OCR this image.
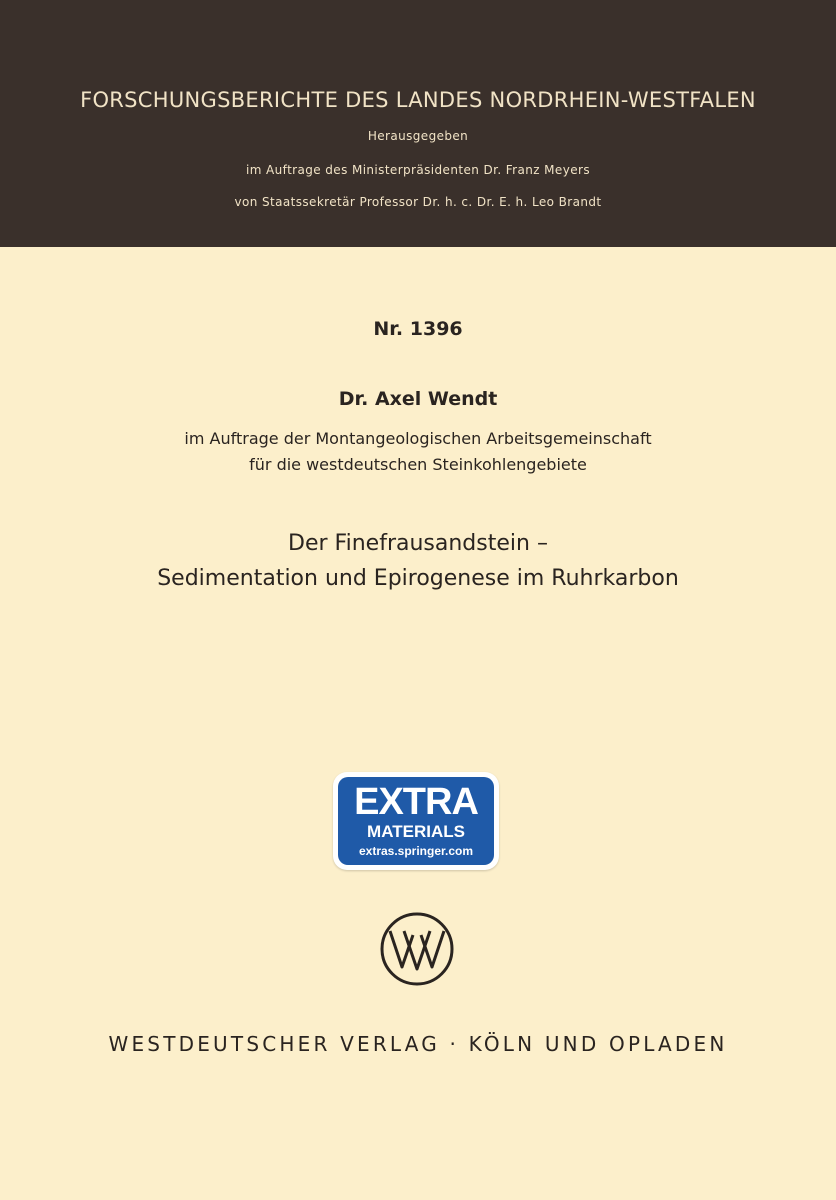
FORSCHUNGSBERICHTE DES LANDES NORDRHEIN-WESTFALEN
Herausgegeben
im Auftrage des Ministerpräsidenten Dr. Franz Meyers
von Staatssekretär Professor Dr. h. c. Dr. E. h. Leo Brandt
Nr. 1396
Dr. Axel Wendt
im Auftrage der Montangeologischen Arbeitsgemeinschaft
für die westdeutschen Steinkohlengebiete
Der Finefrausandstein –
Sedimentation und Epirogenese im Ruhrkarbon
EXTRA
MATERIALS
extras.springer.com
WESTDEUTSCHER VERLAG · KÖLN UND OPLADEN
